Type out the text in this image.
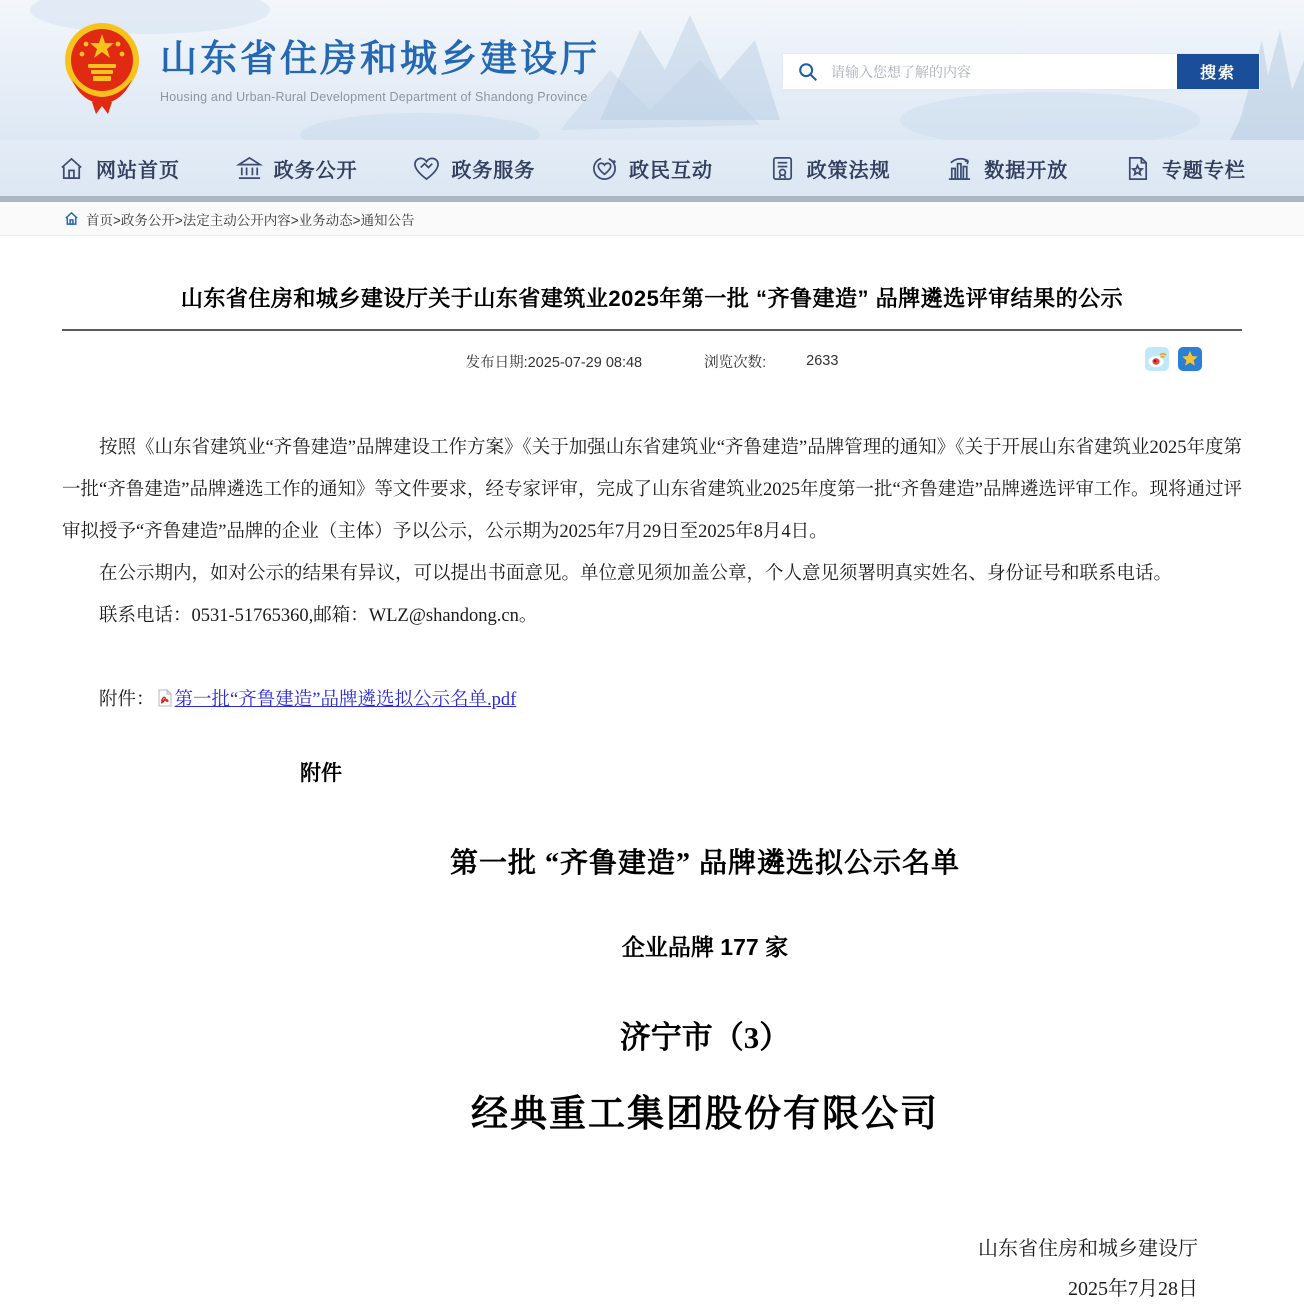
山东省住房和城乡建设厅
Housing and Urban-Rural Development Department of Shandong Province
请输入您想了解的内容
搜索
网站首页	政务公开	政务服务	政民互动	政策法规	数据开放	专题专栏
首页>政务公开>法定主动公开内容>业务动态>通知公告
山东省住房和城乡建设厅关于山东省建筑业2025年第一批 “齐鲁建造” 品牌遴选评审结果的公示
发布日期:2025-07-29 08:48	浏览次数:	2633

按照《山东省建筑业“齐鲁建造”品牌建设工作方案》《关于加强山东省建筑业“齐鲁建造”品牌管理的通知》《关于开展山东省建筑业2025年度第一批“齐鲁建造”品牌遴选工作的通知》等文件要求，经专家评审，完成了山东省建筑业2025年度第一批“齐鲁建造”品牌遴选评审工作。现将通过评审拟授予“齐鲁建造”品牌的企业（主体）予以公示，公示期为2025年7月29日至2025年8月4日。

在公示期内，如对公示的结果有异议，可以提出书面意见。单位意见须加盖公章，个人意见须署明真实姓名、身份证号和联系电话。

联系电话：0531-51765360,邮箱：WLZ@shandong.cn。

附件： 第一批“齐鲁建造”品牌遴选拟公示名单.pdf
附件
第一批 “齐鲁建造” 品牌遴选拟公示名单
企业品牌 177 家
济宁市（3）
经典重工集团股份有限公司
山东省住房和城乡建设厅
2025年7月28日
